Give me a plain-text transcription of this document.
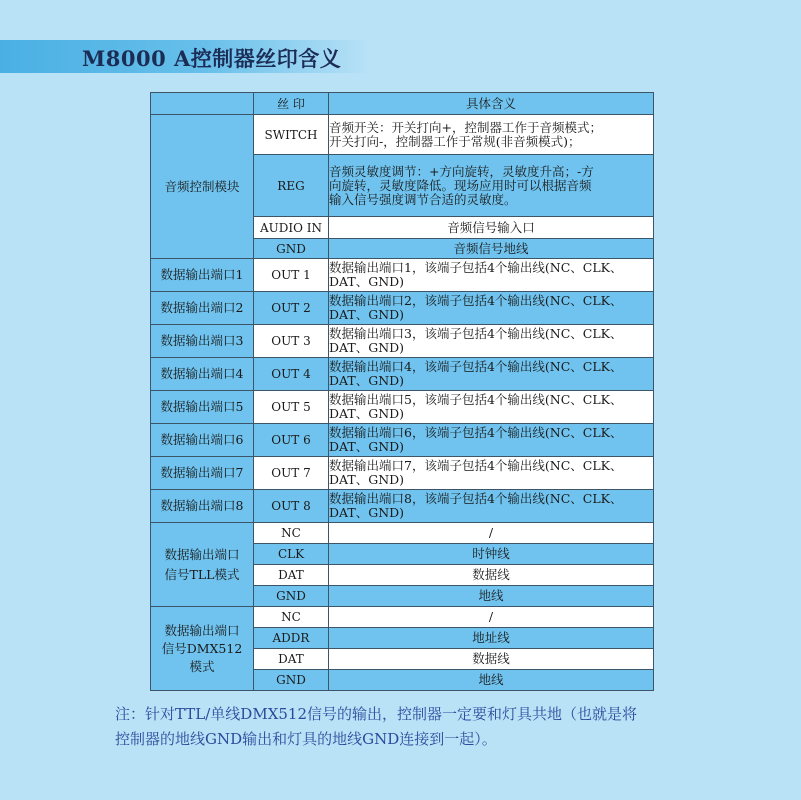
M8000 A控制器丝印含义
	丝 印	具体含义
音频控制模块	SWITCH	音频开关：开关打向+，控制器工作于音频模式；
开关打向-，控制器工作于常规(非音频模式)；

	REG	音频灵敏度调节：+方向旋转，灵敏度升高；-方
向旋转，灵敏度降低。现场应用时可以根据音频
输入信号强度调节合适的灵敏度。

	AUDIO IN	音频信号输入口
	GND	音频信号地线
数据输出端口1	OUT 1	数据输出端口1，该端子包括4个输出线(NC、CLK、
DAT、GND)

数据输出端口2	OUT 2	数据输出端口2，该端子包括4个输出线(NC、CLK、
DAT、GND)

数据输出端口3	OUT 3	数据输出端口3，该端子包括4个输出线(NC、CLK、
DAT、GND)

数据输出端口4	OUT 4	数据输出端口4，该端子包括4个输出线(NC、CLK、
DAT、GND)

数据输出端口5	OUT 5	数据输出端口5，该端子包括4个输出线(NC、CLK、
DAT、GND)

数据输出端口6	OUT 6	数据输出端口6，该端子包括4个输出线(NC、CLK、
DAT、GND)

数据输出端口7	OUT 7	数据输出端口7，该端子包括4个输出线(NC、CLK、
DAT、GND)

数据输出端口8	OUT 8	数据输出端口8，该端子包括4个输出线(NC、CLK、
DAT、GND)

数据输出端口
信号TLL模式	NC	/
	CLK	时钟线
	DAT	数据线
	GND	地线

数据输出端口
信号DMX512
模式	NC	/
	ADDR	地址线
	DAT	数据线
	GND	地线
注：针对TTL/单线DMX512信号的输出，控制器一定要和灯具共地（也就是将
控制器的地线GND输出和灯具的地线GND连接到一起）。
